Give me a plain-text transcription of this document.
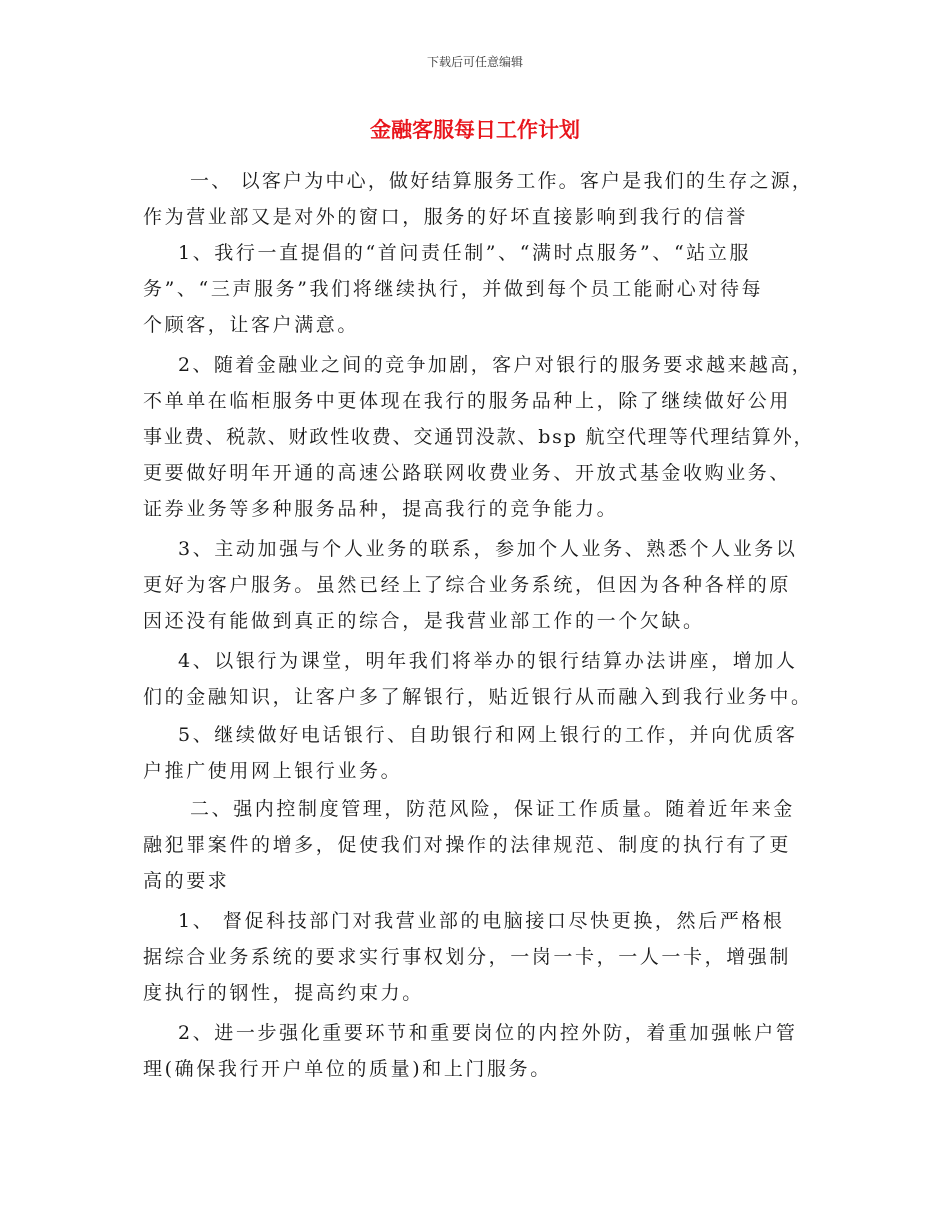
下载后可任意编辑
金融客服每日工作计划
一、 以客户为中心，做好结算服务工作。客户是我们的生存之源，
作为营业部又是对外的窗口，服务的好坏直接影响到我行的信誉
1、我行一直提倡的“首问责任制”、“满时点服务”、“站立服
务”、“三声服务”我们将继续执行，并做到每个员工能耐心对待每
个顾客，让客户满意。
2、随着金融业之间的竞争加剧，客户对银行的服务要求越来越高，
不单单在临柜服务中更体现在我行的服务品种上，除了继续做好公用
事业费、税款、财政性收费、交通罚没款、bsp 航空代理等代理结算外，
更要做好明年开通的高速公路联网收费业务、开放式基金收购业务、
证券业务等多种服务品种，提高我行的竞争能力。
3、主动加强与个人业务的联系，参加个人业务、熟悉个人业务以
更好为客户服务。虽然已经上了综合业务系统，但因为各种各样的原
因还没有能做到真正的综合，是我营业部工作的一个欠缺。
4、以银行为课堂，明年我们将举办的银行结算办法讲座，增加人
们的金融知识，让客户多了解银行，贴近银行从而融入到我行业务中。
5、继续做好电话银行、自助银行和网上银行的工作，并向优质客
户推广使用网上银行业务。
二、强内控制度管理，防范风险，保证工作质量。随着近年来金
融犯罪案件的增多，促使我们对操作的法律规范、制度的执行有了更
高的要求
1、 督促科技部门对我营业部的电脑接口尽快更换，然后严格根
据综合业务系统的要求实行事权划分，一岗一卡，一人一卡，增强制
度执行的钢性，提高约束力。
2、进一步强化重要环节和重要岗位的内控外防，着重加强帐户管
理(确保我行开户单位的质量)和上门服务。
